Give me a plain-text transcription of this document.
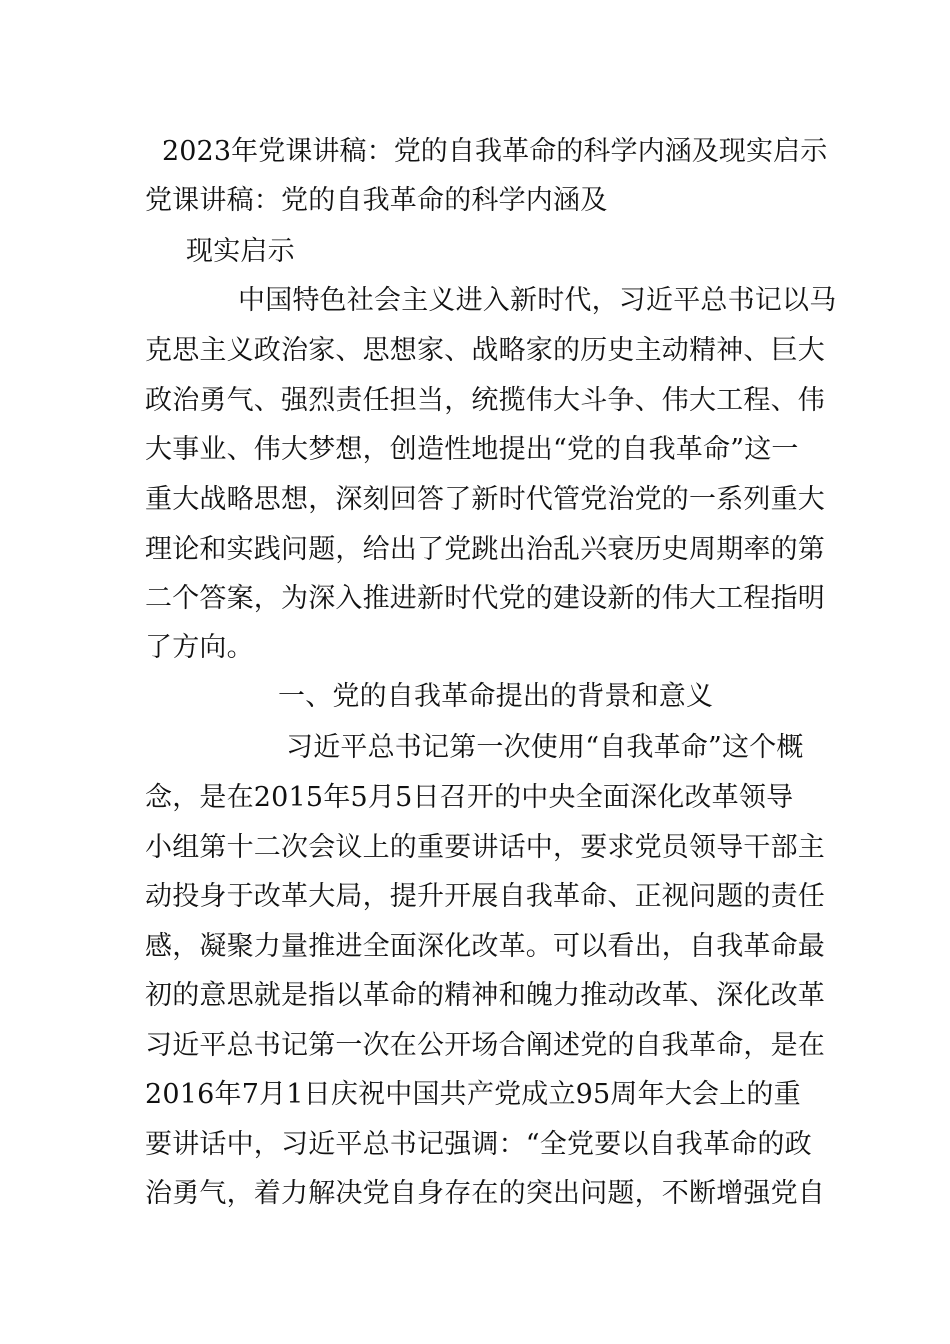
2023年党课讲稿：党的自我革命的科学内涵及现实启示
党课讲稿：党的自我革命的科学内涵及
现实启示
中国特色社会主义进入新时代，习近平总书记以马
克思主义政治家、思想家、战略家的历史主动精神、巨大
政治勇气、强烈责任担当，统揽伟大斗争、伟大工程、伟
大事业、伟大梦想，创造性地提出“党的自我革命”这一
重大战略思想，深刻回答了新时代管党治党的一系列重大
理论和实践问题，给出了党跳出治乱兴衰历史周期率的第
二个答案，为深入推进新时代党的建设新的伟大工程指明
了方向。
一、党的自我革命提出的背景和意义
习近平总书记第一次使用“自我革命”这个概
念，是在2015年5月5日召开的中央全面深化改革领导
小组第十二次会议上的重要讲话中，要求党员领导干部主
动投身于改革大局，提升开展自我革命、正视问题的责任
感，凝聚力量推进全面深化改革。可以看出，自我革命最
初的意思就是指以革命的精神和魄力推动改革、深化改革
习近平总书记第一次在公开场合阐述党的自我革命，是在
2016年7月1日庆祝中国共产党成立95周年大会上的重
要讲话中，习近平总书记强调：“全党要以自我革命的政
治勇气，着力解决党自身存在的突出问题，不断增强党自
